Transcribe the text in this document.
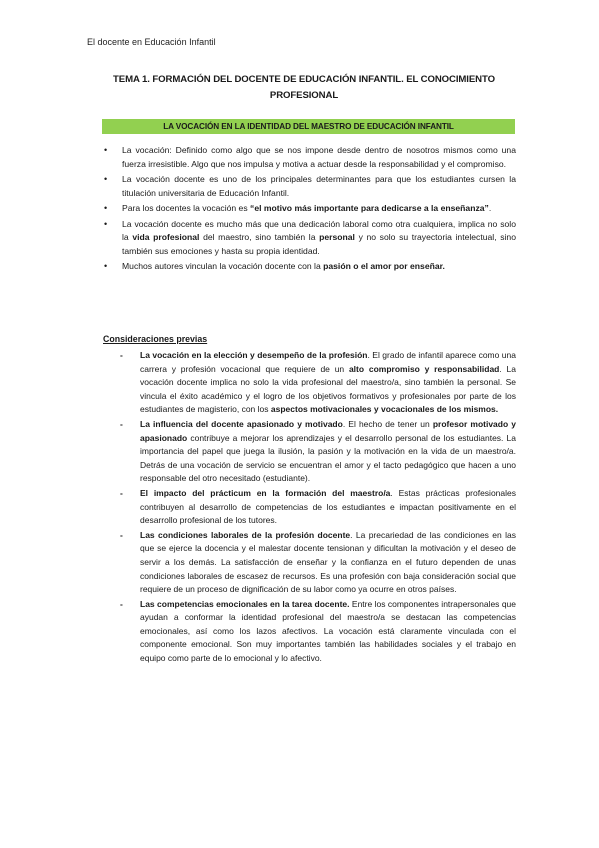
El docente en Educación Infantil
TEMA 1. FORMACIÓN DEL DOCENTE DE EDUCACIÓN INFANTIL. EL CONOCIMIENTO
PROFESIONAL
LA VOCACIÓN EN LA IDENTIDAD DEL MAESTRO DE EDUCACIÓN INFANTIL
• La vocación: Definido como algo que se nos impone desde dentro de nosotros mismos como una fuerza irresistible. Algo que nos impulsa y motiva a actuar desde la responsabilidad y el compromiso.
• La vocación docente es uno de los principales determinantes para que los estudiantes cursen la titulación universitaria de Educación Infantil.
• Para los docentes la vocación es “el motivo más importante para dedicarse a la enseñanza”.
• La vocación docente es mucho más que una dedicación laboral como otra cualquiera, implica no solo la vida profesional del maestro, sino también la personal y no solo su trayectoria intelectual, sino también sus emociones y hasta su propia identidad.
• Muchos autores vinculan la vocación docente con la pasión o el amor por enseñar.
Consideraciones previas
- La vocación en la elección y desempeño de la profesión. El grado de infantil aparece como una carrera y profesión vocacional que requiere de un alto compromiso y responsabilidad. La vocación docente implica no solo la vida profesional del maestro/a, sino también la personal. Se vincula el éxito académico y el logro de los objetivos formativos y profesionales por parte de los estudiantes de magisterio, con los aspectos motivacionales y vocacionales de los mismos.
- La influencia del docente apasionado y motivado. El hecho de tener un profesor motivado y apasionado contribuye a mejorar los aprendizajes y el desarrollo personal de los estudiantes. La importancia del papel que juega la ilusión, la pasión y la motivación en la vida de un maestro/a. Detrás de una vocación de servicio se encuentran el amor y el tacto pedagógico que hacen a uno responsable del otro necesitado (estudiante).
- El impacto del prácticum en la formación del maestro/a. Estas prácticas profesionales contribuyen al desarrollo de competencias de los estudiantes e impactan positivamente en el desarrollo profesional de los tutores.
- Las condiciones laborales de la profesión docente. La precariedad de las condiciones en las que se ejerce la docencia y el malestar docente tensionan y dificultan la motivación y el deseo de servir a los demás. La satisfacción de enseñar y la confianza en el futuro dependen de unas condiciones laborales de escasez de recursos. Es una profesión con baja consideración social que requiere de un proceso de dignificación de su labor como ya ocurre en otros países.
- Las competencias emocionales en la tarea docente. Entre los componentes intrapersonales que ayudan a conformar la identidad profesional del maestro/a se destacan las competencias emocionales, así como los lazos afectivos. La vocación está claramente vinculada con el componente emocional. Son muy importantes también las habilidades sociales y el trabajo en equipo como parte de lo emocional y lo afectivo.
